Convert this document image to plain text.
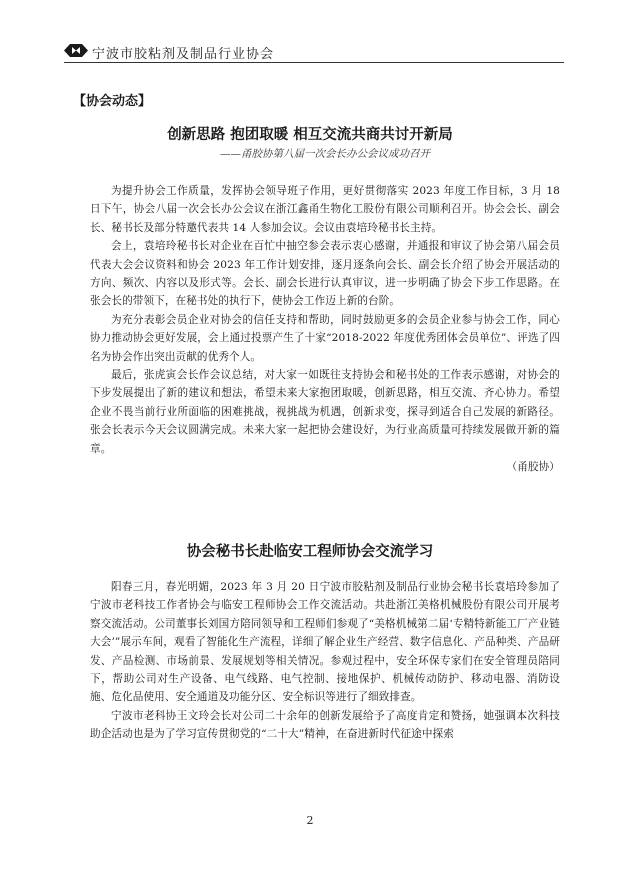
宁波市胶粘剂及制品行业协会
【协会动态】
创新思路 抱团取暖 相互交流共商共讨开新局
——甬胶协第八届一次会长办公会议成功召开

为提升协会工作质量，发挥协会领导班子作用，更好贯彻落实 2023 年度工作目标，3 月 18 日下午，协会八届一次会长办公会议在浙江鑫甬生物化工股份有限公司顺利召开。协会会长、副会长、秘书长及部分特邀代表共 14 人参加会议。会议由袁培玲秘书长主持。

会上，袁培玲秘书长对企业在百忙中抽空参会表示衷心感谢，并通报和审议了协会第八届会员代表大会会议资料和协会 2023 年工作计划安排，逐月逐条向会长、副会长介绍了协会开展活动的方向、频次、内容以及形式等。会长、副会长进行认真审议，进一步明确了协会下步工作思路。在张会长的带领下，在秘书处的执行下，使协会工作迈上新的台阶。

为充分表彰会员企业对协会的信任支持和帮助，同时鼓励更多的会员企业参与协会工作，同心协力推动协会更好发展，会上通过投票产生了十家“2018-2022 年度优秀团体会员单位”、评选了四名为协会作出突出贡献的优秀个人。

最后，张虎寅会长作会议总结，对大家一如既往支持协会和秘书处的工作表示感谢，对协会的下步发展提出了新的建议和想法，希望未来大家抱团取暖，创新思路，相互交流、齐心协力。希望企业不畏当前行业所面临的困难挑战，视挑战为机遇，创新求变，探寻到适合自己发展的新路径。张会长表示今天会议圆满完成。未来大家一起把协会建设好，为行业高质量可持续发展做开新的篇章。

（甬胶协）
协会秘书长赴临安工程师协会交流学习

阳春三月，春光明媚，2023 年 3 月 20 日宁波市胶粘剂及制品行业协会秘书长袁培玲参加了宁波市老科技工作者协会与临安工程师协会工作交流活动。共赴浙江美格机械股份有限公司开展考察交流活动。公司董事长刘国方陪同领导和工程师们参观了“美格机械第二届‘专精特新能工厂产业链大会’”展示车间，观看了智能化生产流程，详细了解企业生产经营、数字信息化、产品种类、产品研发、产品检测、市场前景、发展规划等相关情况。参观过程中，安全环保专家们在安全管理员陪同下，帮助公司对生产设备、电气线路、电气控制、接地保护、机械传动防护、移动电器、消防设施、危化品使用、安全通道及功能分区、安全标识等进行了细致排查。

宁波市老科协王文玲会长对公司二十余年的创新发展给予了高度肯定和赞扬，她强调本次科技助企活动也是为了学习宣传贯彻党的“二十大”精神，在奋进新时代征途中探索

2
